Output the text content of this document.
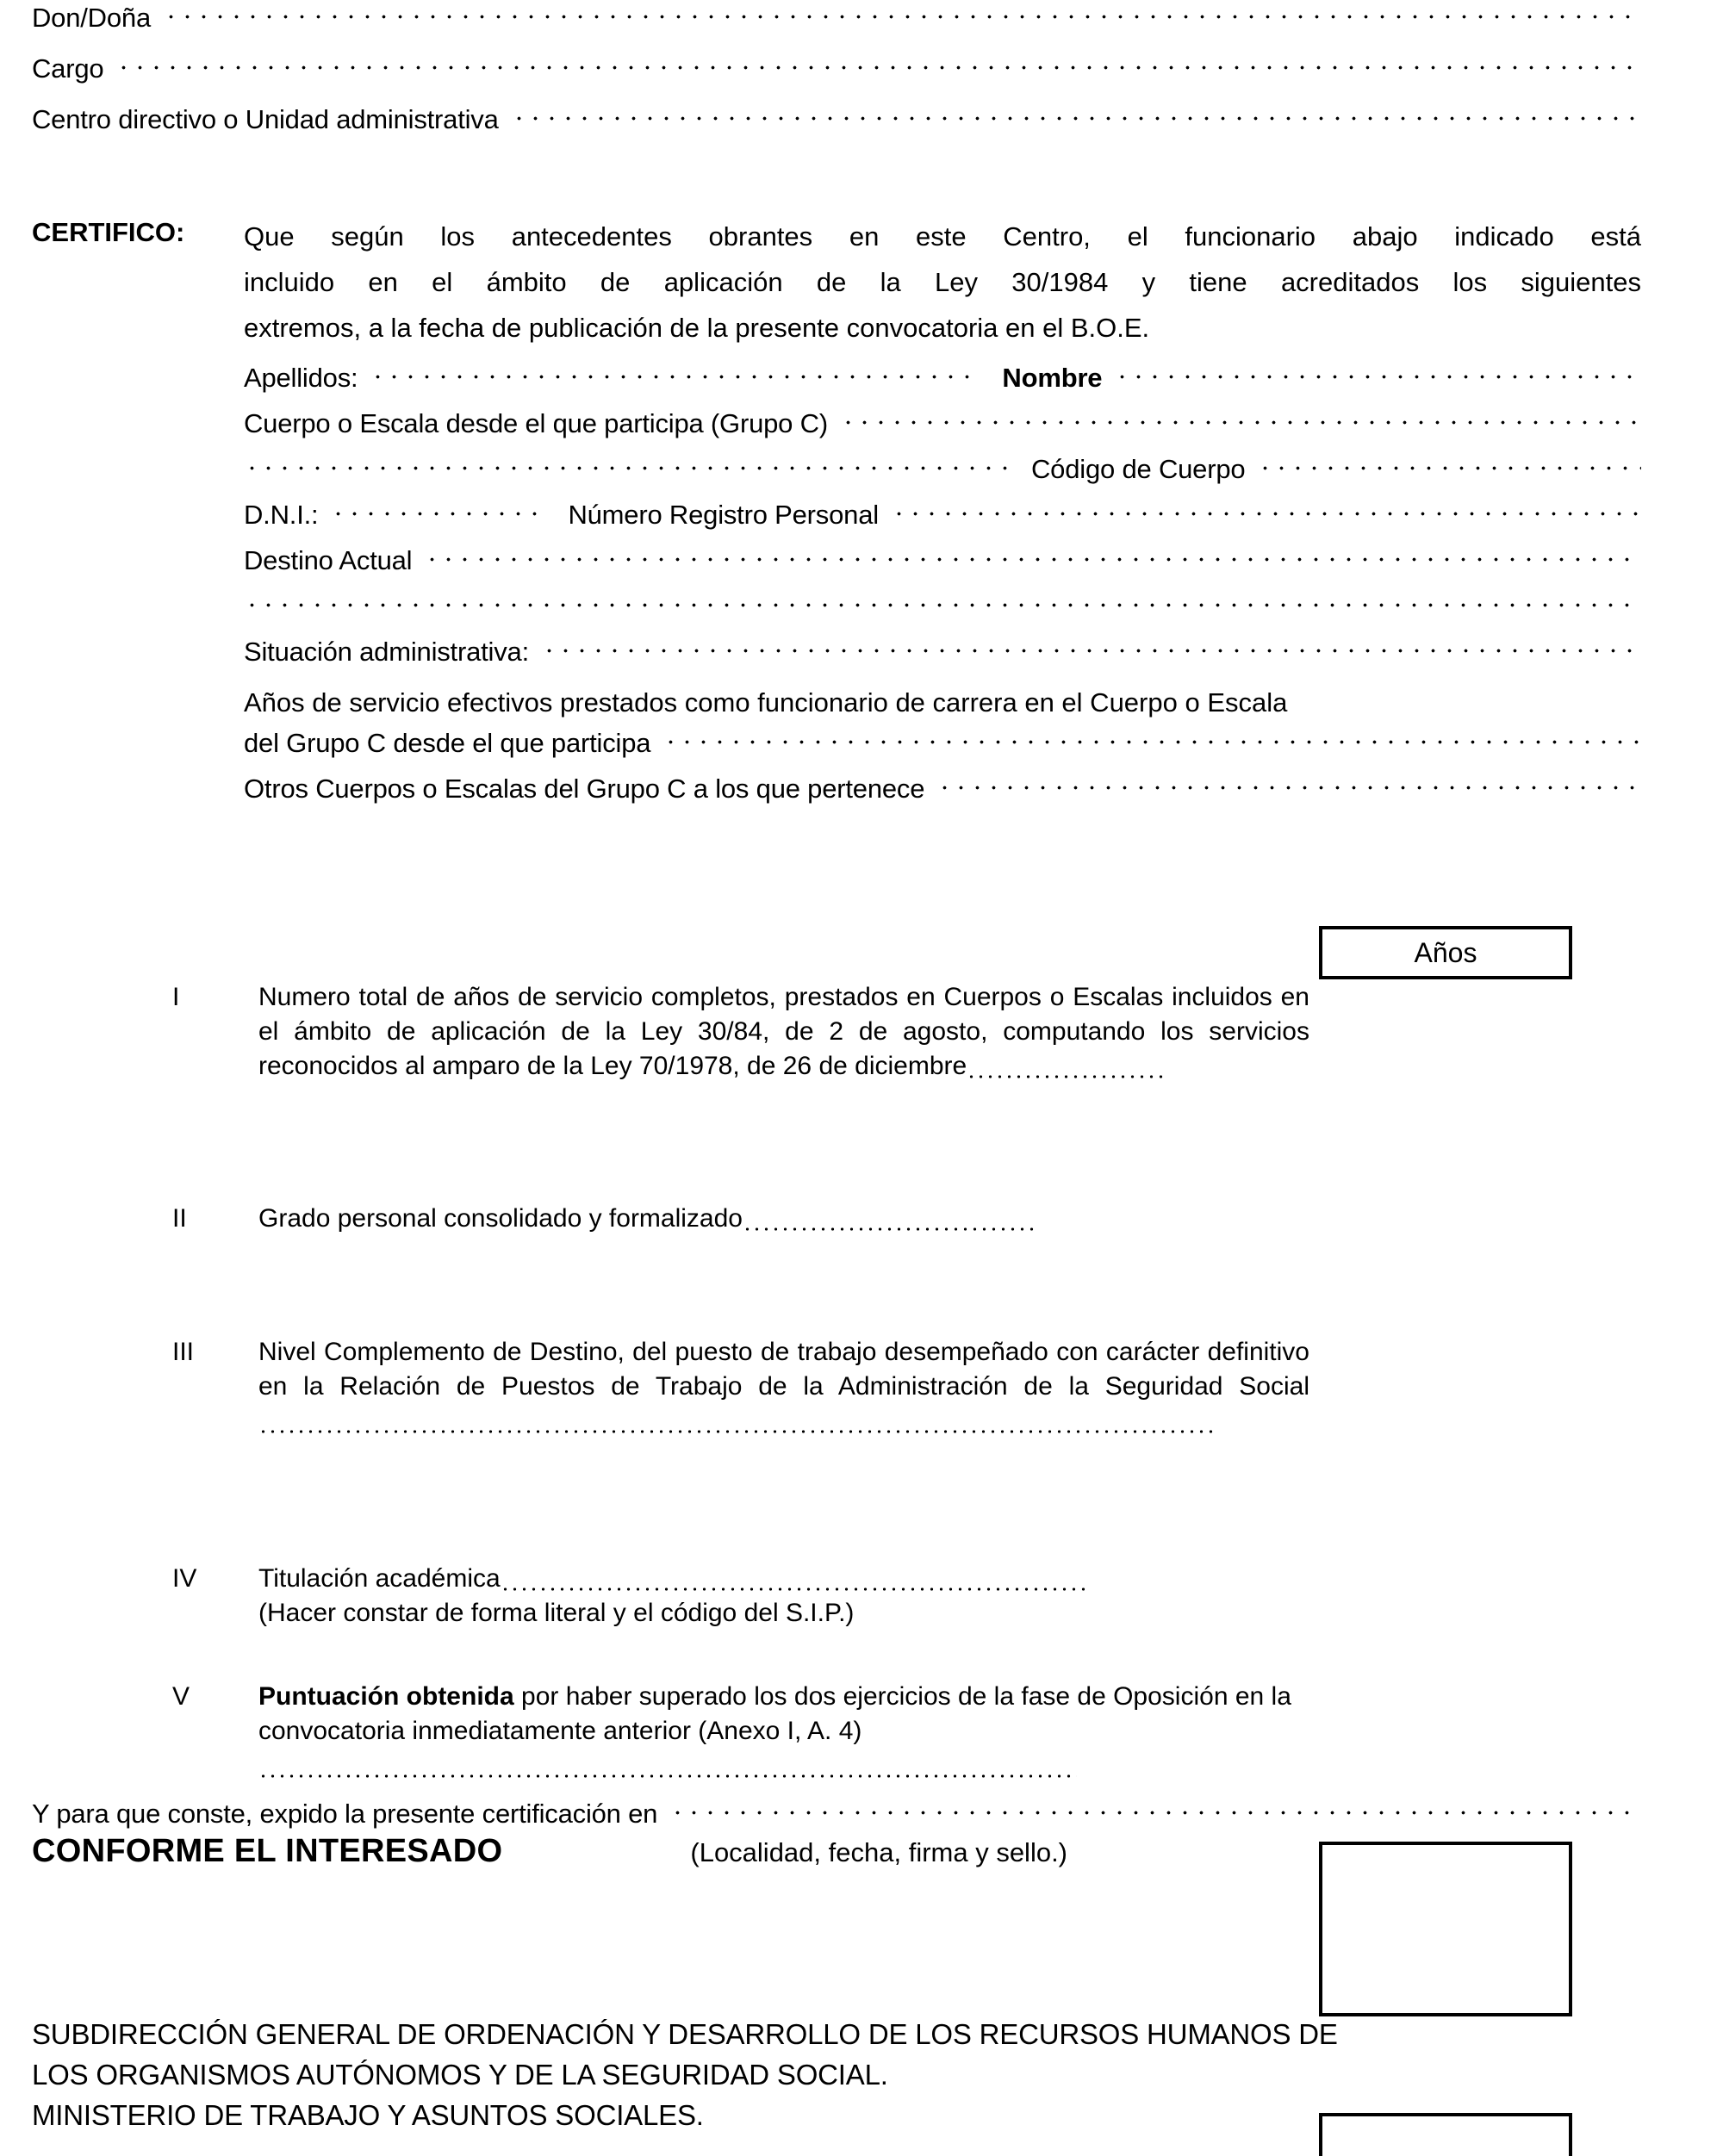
Don/Doña
Cargo
Centro directivo o Unidad administrativa
CERTIFICO: Que según los antecedentes obrantes en este Centro, el funcionario abajo indicado está
incluido en el ámbito de aplicación de la Ley 30/1984 y tiene acreditados los siguientes
extremos, a la fecha de publicación de la presente convocatoria en el B.O.E.
Apellidos:	Nombre
Cuerpo o Escala desde el que participa (Grupo C)
Código de Cuerpo
D.N.I.:	Número Registro Personal
Destino Actual
Situación administrativa:
Años de servicio efectivos prestados como funcionario de carrera en el Cuerpo o Escala
del Grupo C desde el que participa
Otros Cuerpos o Escalas del Grupo C a los que pertenece
Años
I	Numero total de años de servicio completos, prestados en Cuerpos o Escalas incluidos en el ámbito de aplicación de la Ley 30/84, de 2 de agosto, computando los servicios reconocidos al amparo de la Ley 70/1978, de 26 de diciembre
II	Grado personal consolidado y formalizado
III	Nivel Complemento de Destino, del puesto de trabajo desempeñado con carácter definitivo en la Relación de Puestos de Trabajo de la Administración de la Seguridad Social
IV	Titulación académica
(Hacer constar de forma literal y el código del S.I.P.)
V	Puntuación obtenida por haber superado los dos ejercicios de la fase de Oposición en la convocatoria inmediatamente anterior (Anexo I, A. 4)
Y para que conste, expido la presente certificación en
CONFORME EL INTERESADO	(Localidad, fecha, firma y sello.)
SUBDIRECCIÓN GENERAL DE ORDENACIÓN Y DESARROLLO DE LOS RECURSOS HUMANOS DE
LOS ORGANISMOS AUTÓNOMOS Y DE LA SEGURIDAD SOCIAL.
MINISTERIO DE TRABAJO Y ASUNTOS SOCIALES.
